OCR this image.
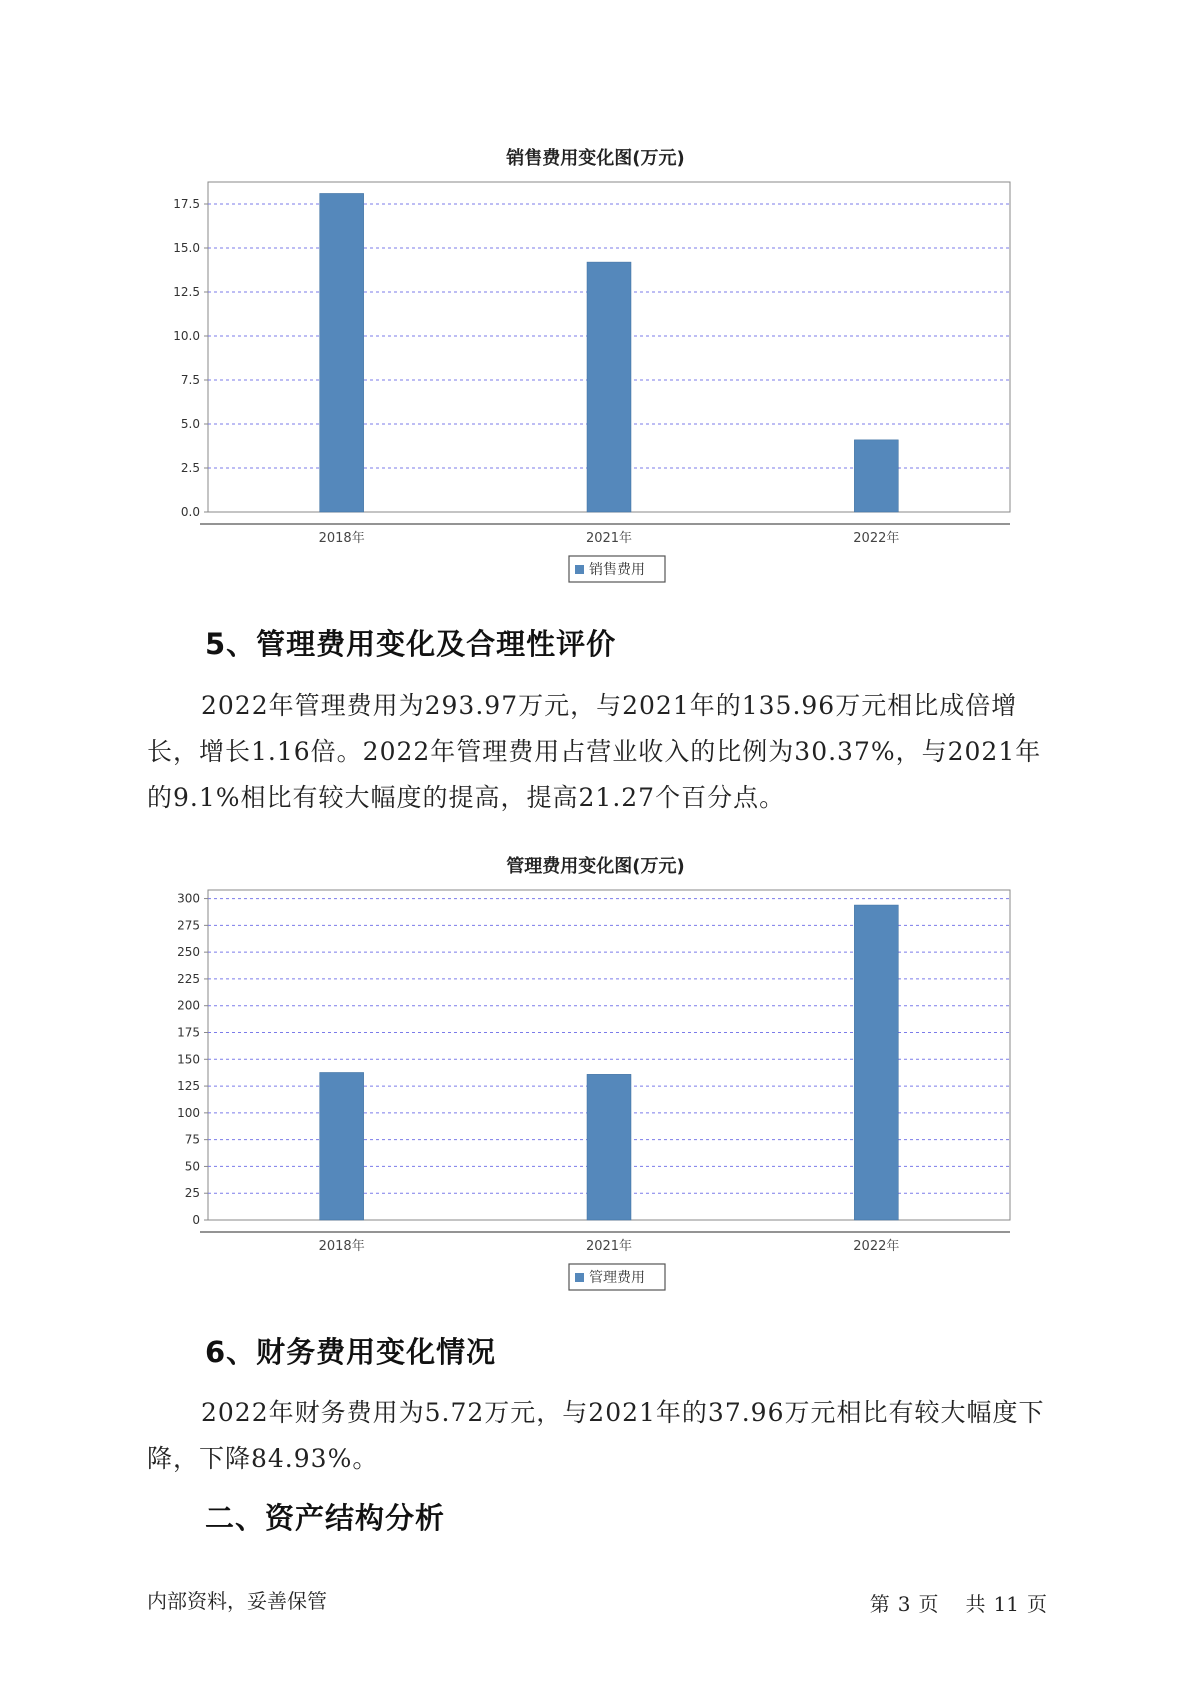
销售费用变化图(万元)
0.0
2.5
5.0
7.5
10.0
12.5
15.0
17.5
2018年	2021年	2022年
销售费用
5、管理费用变化及合理性评价
2022年管理费用为293.97万元，与2021年的135.96万元相比成倍增长，增长1.16倍。2022年管理费用占营业收入的比例为30.37%，与2021年的9.1%相比有较大幅度的提高，提高21.27个百分点。
管理费用变化图(万元)
0
25
50
75
100
125
150
175
200
225
250
275
300
2018年	2021年	2022年
管理费用
6、财务费用变化情况
2022年财务费用为5.72万元，与2021年的37.96万元相比有较大幅度下降，下降84.93%。
二、资产结构分析
内部资料，妥善保管	第 3 页 共 11 页
